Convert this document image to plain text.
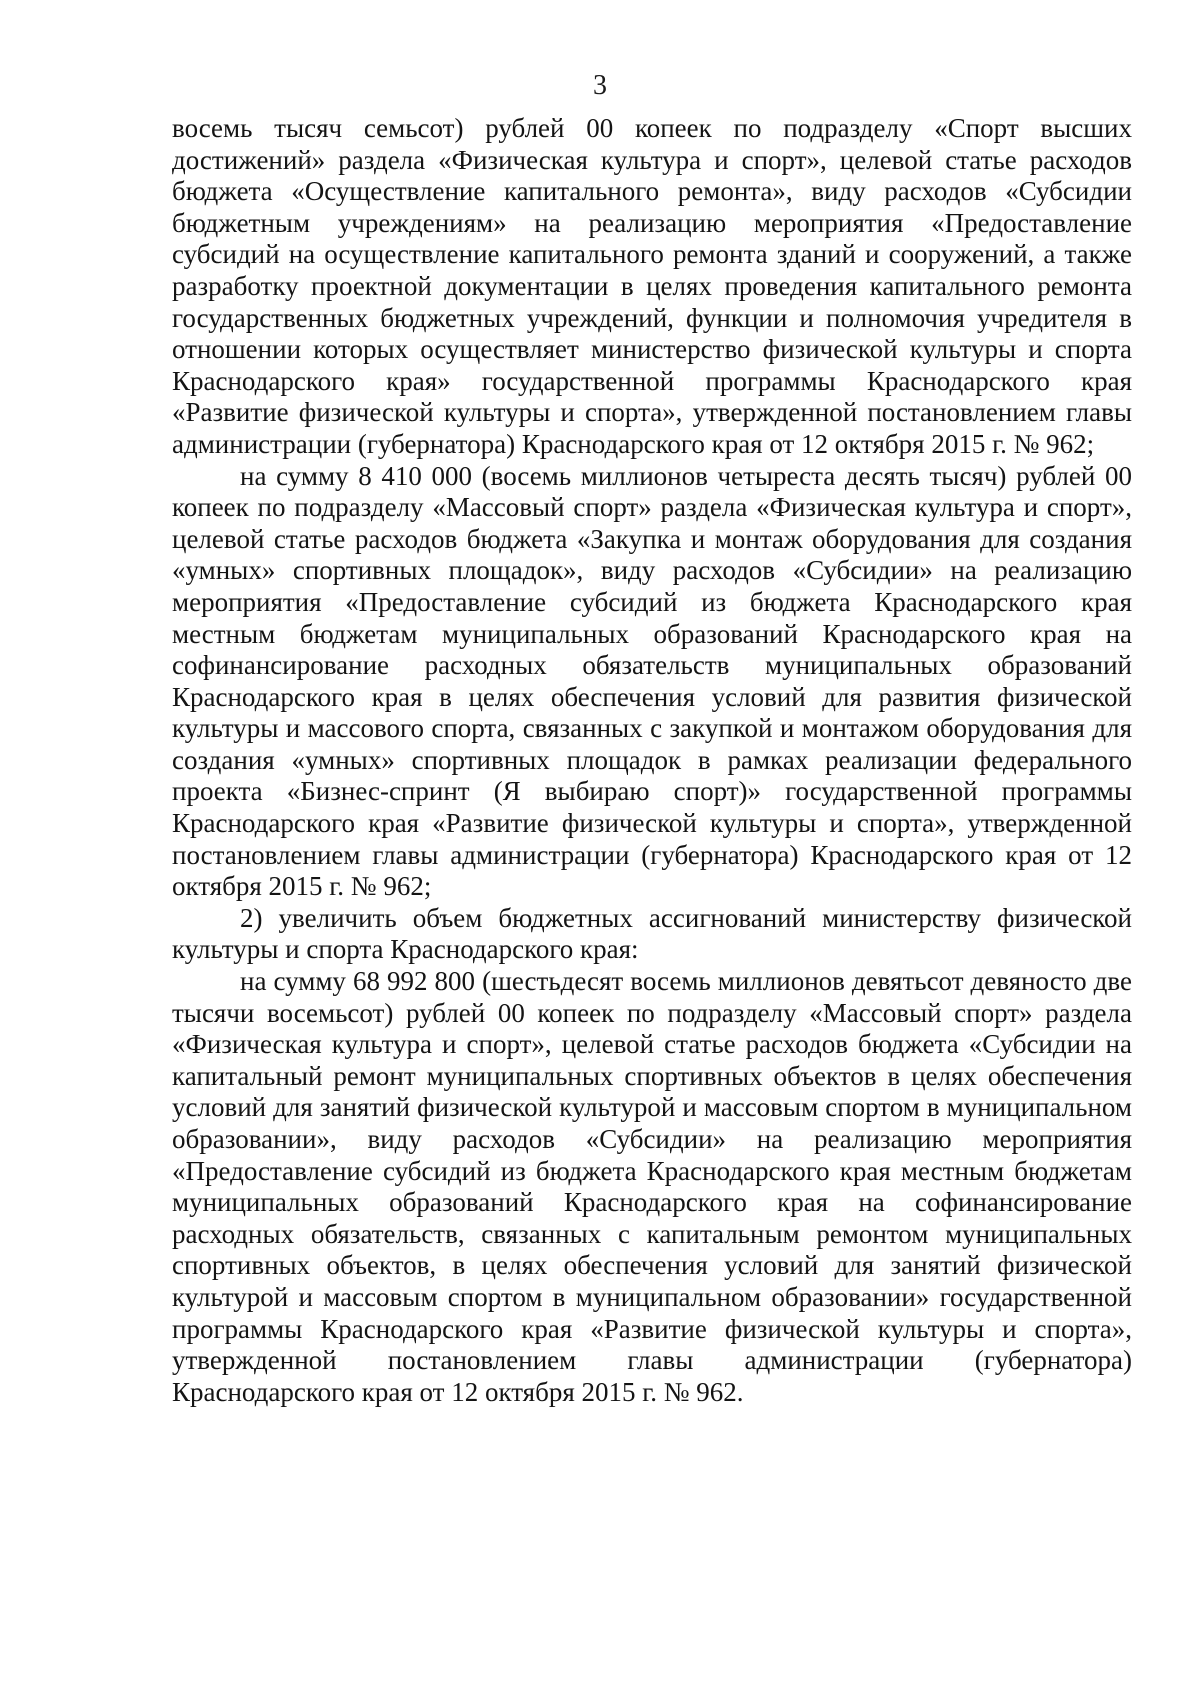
3

восемь тысяч семьсот) рублей 00 копеек по подразделу «Спорт высших достижений» раздела «Физическая культура и спорт», целевой статье расходов бюджета «Осуществление капитального ремонта», виду расходов «Субсидии бюджетным учреждениям» на реализацию мероприятия «Предоставление субсидий на осуществление капитального ремонта зданий и сооружений, а также разработку проектной документации в целях проведения капитального ремонта государственных бюджетных учреждений, функции и полномочия учредителя в отношении которых осуществляет министерство физической культуры и спорта Краснодарского края» государственной программы Краснодарского края «Развитие физической культуры и спорта», утвержденной постановлением главы администрации (губернатора) Краснодарского края от 12 октября 2015 г. № 962;

на сумму 8 410 000 (восемь миллионов четыреста десять тысяч) рублей 00 копеек по подразделу «Массовый спорт» раздела «Физическая культура и спорт», целевой статье расходов бюджета «Закупка и монтаж оборудования для создания «умных» спортивных площадок», виду расходов «Субсидии» на реализацию мероприятия «Предоставление субсидий из бюджета Краснодарского края местным бюджетам муниципальных образований Краснодарского края на софинансирование расходных обязательств муниципальных образований Краснодарского края в целях обеспечения условий для развития физической культуры и массового спорта, связанных с закупкой и монтажом оборудования для создания «умных» спортивных площадок в рамках реализации федерального проекта «Бизнес-спринт (Я выбираю спорт)» государственной программы Краснодарского края «Развитие физической культуры и спорта», утвержденной постановлением главы администрации (губернатора) Краснодарского края от 12 октября 2015 г. № 962;

2) увеличить объем бюджетных ассигнований министерству физической культуры и спорта Краснодарского края:

на сумму 68 992 800 (шестьдесят восемь миллионов девятьсот девяносто две тысячи восемьсот) рублей 00 копеек по подразделу «Массовый спорт» раздела «Физическая культура и спорт», целевой статье расходов бюджета «Субсидии на капитальный ремонт муниципальных спортивных объектов в целях обеспечения условий для занятий физической культурой и массовым спортом в муниципальном образовании», виду расходов «Субсидии» на реализацию мероприятия «Предоставление субсидий из бюджета Краснодарского края местным бюджетам муниципальных образований Краснодарского края на софинансирование расходных обязательств, связанных с капитальным ремонтом муниципальных спортивных объектов, в целях обеспечения условий для занятий физической культурой и массовым спортом в муниципальном образовании» государственной программы Краснодарского края «Развитие физической культуры и спорта», утвержденной постановлением главы администрации (губернатора) Краснодарского края от 12 октября 2015 г. № 962.
